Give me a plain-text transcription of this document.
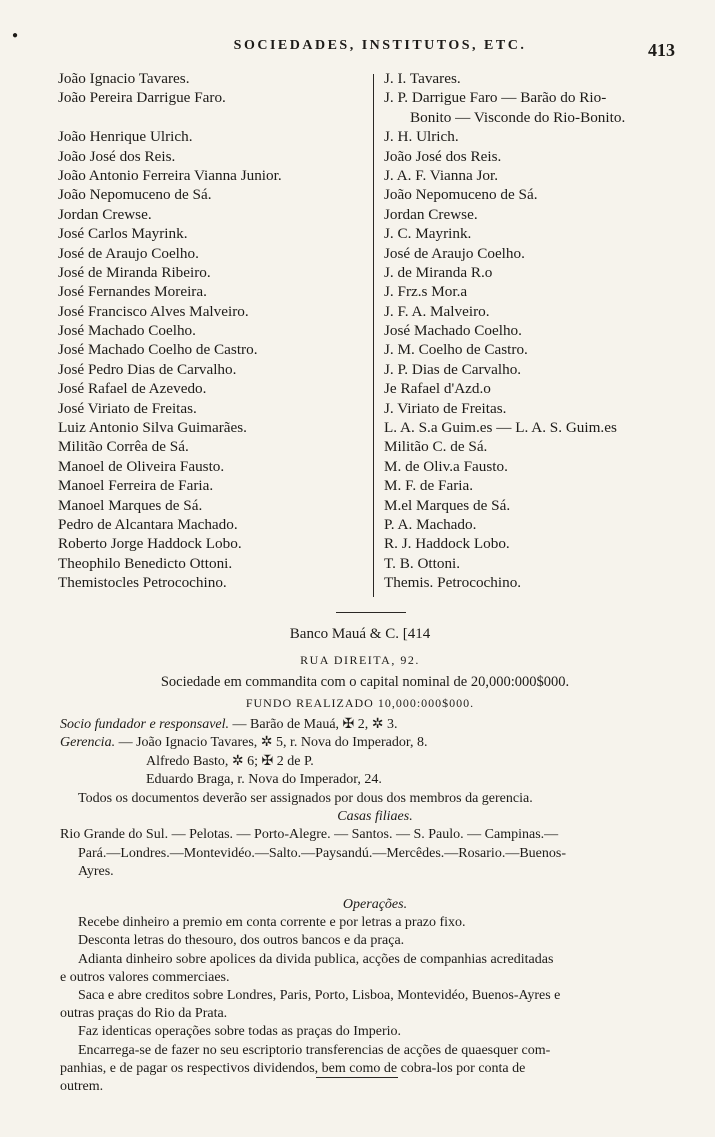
●
SOCIEDADES, INSTITUTOS, ETC.	413
João Ignacio Tavares.
João Pereira Darrigue Faro.
João Henrique Ulrich.
João José dos Reis.
João Antonio Ferreira Vianna Junior.
João Nepomuceno de Sá.
Jordan Crewse.
José Carlos Mayrink.
José de Araujo Coelho.
José de Miranda Ribeiro.
José Fernandes Moreira.
José Francisco Alves Malveiro.
José Machado Coelho.
José Machado Coelho de Castro.
José Pedro Dias de Carvalho.
José Rafael de Azevedo.
José Viriato de Freitas.
Luiz Antonio Silva Guimarães.
Militão Corrêa de Sá.
Manoel de Oliveira Fausto.
Manoel Ferreira de Faria.
Manoel Marques de Sá.
Pedro de Alcantara Machado.
Roberto Jorge Haddock Lobo.
Theophilo Benedicto Ottoni.
Themistocles Petrocochino.
J. I. Tavares.
J. P. Darrigue Faro — Barão do Rio-
Bonito — Visconde do Rio-Bonito.
J. H. Ulrich.
João José dos Reis.
J. A. F. Vianna Jor.
João Nepomuceno de Sá.
Jordan Crewse.
J. C. Mayrink.
José de Araujo Coelho.
J. de Miranda R.o
J. Frz.s Mor.a
J. F. A. Malveiro.
José Machado Coelho.
J. M. Coelho de Castro.
J. P. Dias de Carvalho.
Je Rafael d'Azd.o
J. Viriato de Freitas.
L. A. S.a Guim.es — L. A. S. Guim.es
Militão C. de Sá.
M. de Oliv.a Fausto.
M. F. de Faria.
M.el Marques de Sá.
P. A. Machado.
R. J. Haddock Lobo.
T. B. Ottoni.
Themis. Petrocochino.
Banco Mauá & C. [414
RUA DIREITA, 92.
Sociedade em commandita com o capital nominal de 20,000:000$000.
FUNDO REALIZADO 10,000:000$000.
Socio fundador e responsavel. — Barão de Mauá, ✠ 2, ✲ 3.
Gerencia. — João Ignacio Tavares, ✲ 5, r. Nova do Imperador, 8.
Alfredo Basto, ✲ 6; ✠ 2 de P.
Eduardo Braga, r. Nova do Imperador, 24.
Todos os documentos deverão ser assignados por dous dos membros da gerencia.
Casas filiaes.
Rio Grande do Sul. — Pelotas. — Porto-Alegre. — Santos. — S. Paulo. — Campinas.—
Pará.—Londres.—Montevidéo.—Salto.—Paysandú.—Mercêdes.—Rosario.—Buenos-
Ayres.
Operações.
Recebe dinheiro a premio em conta corrente e por letras a prazo fixo.
Desconta letras do thesouro, dos outros bancos e da praça.
Adianta dinheiro sobre apolices da divida publica, acções de companhias acreditadas
e outros valores commerciaes.
Saca e abre creditos sobre Londres, Paris, Porto, Lisboa, Montevidéo, Buenos-Ayres e
outras praças do Rio da Prata.
Faz identicas operações sobre todas as praças do Imperio.
Encarrega-se de fazer no seu escriptorio transferencias de acções de quaesquer com-
panhias, e de pagar os respectivos dividendos, bem como de cobra-los por conta de
outrem.
